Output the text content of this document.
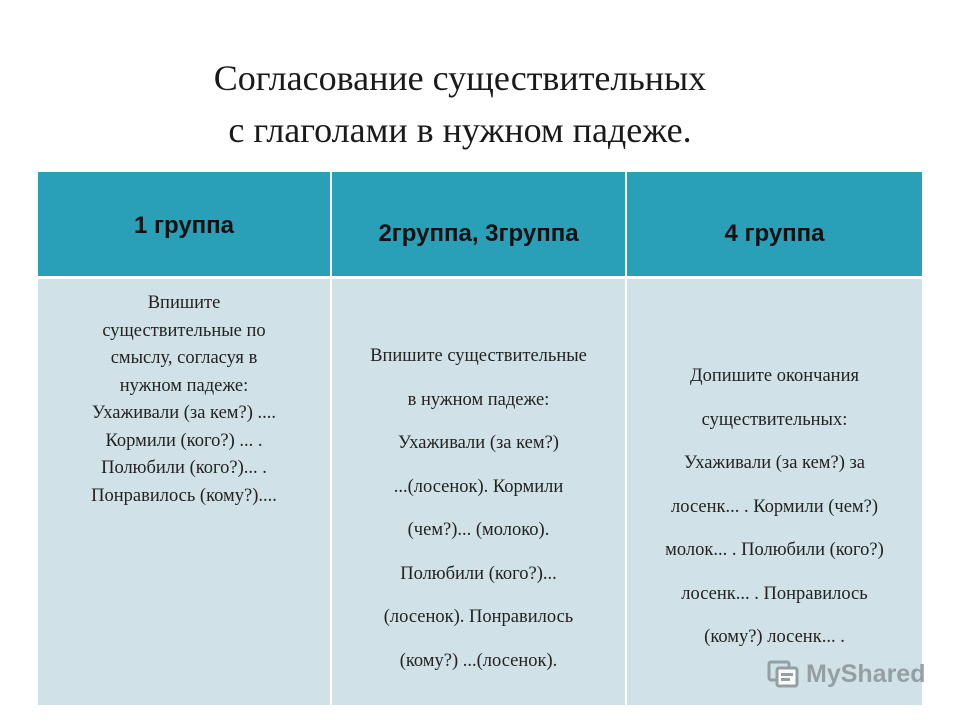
Согласование существительных
с глаголами в нужном падеже.
1 группа	2группа, 3группа	4 группа
Впишите
существительные по
смыслу, согласуя в
нужном падеже:
Ухаживали (за кем?) ....
Кормили (кого?) ... .
Полюбили (кого?)... .
Понравилось (кому?)....
Впишите существительные
в нужном падеже:
Ухаживали (за кем?)
...(лосенок). Кормили
(чем?)... (молоко).
Полюбили (кого?)...
(лосенок). Понравилось
(кому?) ...(лосенок).
Допишите окончания
существительных:
Ухаживали (за кем?) за
лосенк... . Кормили (чем?)
молок... . Полюбили (кого?)
лосенк... . Понравилось
(кому?) лосенк... .
MyShared
